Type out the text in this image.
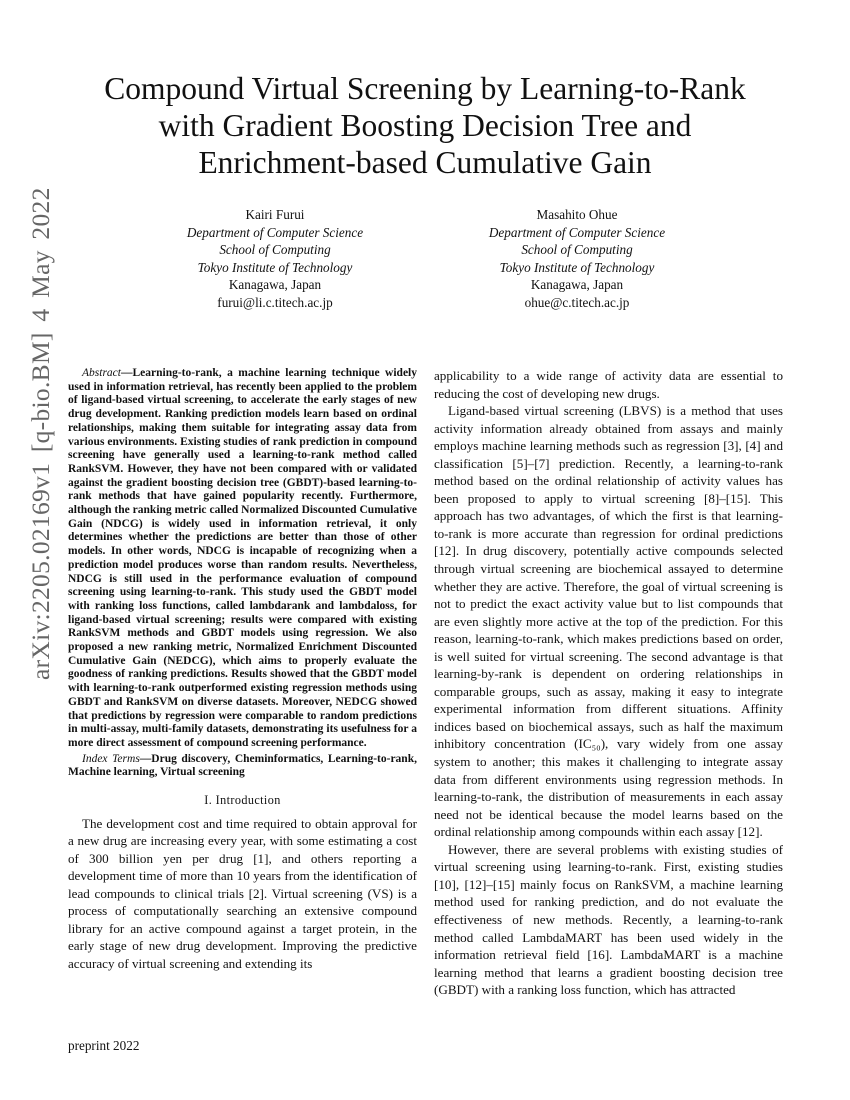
arXiv:2205.02169v1 [q-bio.BM] 4 May 2022
Compound Virtual Screening by Learning-to-Rank
with Gradient Boosting Decision Tree and
Enrichment-based Cumulative Gain
Kairi Furui
Department of Computer Science
School of Computing
Tokyo Institute of Technology
Kanagawa, Japan
furui@li.c.titech.ac.jp
Masahito Ohue
Department of Computer Science
School of Computing
Tokyo Institute of Technology
Kanagawa, Japan
ohue@c.titech.ac.jp

Abstract—Learning-to-rank, a machine learning technique widely used in information retrieval, has recently been applied to the problem of ligand-based virtual screening, to accelerate the early stages of new drug development. Ranking prediction models learn based on ordinal relationships, making them suitable for integrating assay data from various environments. Existing studies of rank prediction in compound screening have generally used a learning-to-rank method called RankSVM. However, they have not been compared with or validated against the gradient boosting decision tree (GBDT)-based learning-to-rank methods that have gained popularity recently. Furthermore, although the ranking metric called Normalized Discounted Cumulative Gain (NDCG) is widely used in information retrieval, it only determines whether the predictions are better than those of other models. In other words, NDCG is incapable of recognizing when a prediction model produces worse than random results. Nevertheless, NDCG is still used in the performance evaluation of compound screening using learning-to-rank. This study used the GBDT model with ranking loss functions, called lambdarank and lambdaloss, for ligand-based virtual screening; results were compared with existing RankSVM methods and GBDT models using regression. We also proposed a new ranking metric, Normalized Enrichment Discounted Cumulative Gain (NEDCG), which aims to properly evaluate the goodness of ranking predictions. Results showed that the GBDT model with learning-to-rank outperformed existing regression methods using GBDT and RankSVM on diverse datasets. Moreover, NEDCG showed that predictions by regression were comparable to random predictions in multi-assay, multi-family datasets, demonstrating its usefulness for a more direct assessment of compound screening performance.

Index Terms—Drug discovery, Cheminformatics, Learning-to-rank, Machine learning, Virtual screening

I. Introduction

The development cost and time required to obtain approval for a new drug are increasing every year, with some estimating a cost of 300 billion yen per drug [1], and others reporting a development time of more than 10 years from the identification of lead compounds to clinical trials [2]. Virtual screening (VS) is a process of computationally searching an extensive compound library for an active compound against a target protein, in the early stage of new drug development. Improving the predictive accuracy of virtual screening and extending its

applicability to a wide range of activity data are essential to reducing the cost of developing new drugs.

Ligand-based virtual screening (LBVS) is a method that uses activity information already obtained from assays and mainly employs machine learning methods such as regression [3], [4] and classification [5]–[7] prediction. Recently, a learning-to-rank method based on the ordinal relationship of activity values has been proposed to apply to virtual screening [8]–[15]. This approach has two advantages, of which the first is that learning-to-rank is more accurate than regression for ordinal predictions [12]. In drug discovery, potentially active compounds selected through virtual screening are biochemical assayed to determine whether they are active. Therefore, the goal of virtual screening is not to predict the exact activity value but to list compounds that are even slightly more active at the top of the prediction. For this reason, learning-to-rank, which makes predictions based on order, is well suited for virtual screening. The second advantage is that learning-by-rank is dependent on ordering relationships in comparable groups, such as assay, making it easy to integrate experimental information from different situations. Affinity indices based on biochemical assays, such as half the maximum inhibitory concentration (IC₅₀), vary widely from one assay system to another; this makes it challenging to integrate assay data from different environments using regression methods. In learning-to-rank, the distribution of measurements in each assay need not be identical because the model learns based on the ordinal relationship among compounds within each assay [12].

However, there are several problems with existing studies of virtual screening using learning-to-rank. First, existing studies [10], [12]–[15] mainly focus on RankSVM, a machine learning method used for ranking prediction, and do not evaluate the effectiveness of new methods. Recently, a learning-to-rank method called LambdaMART has been used widely in the information retrieval field [16]. LambdaMART is a machine learning method that learns a gradient boosting decision tree (GBDT) with a ranking loss function, which has attracted

preprint 2022
